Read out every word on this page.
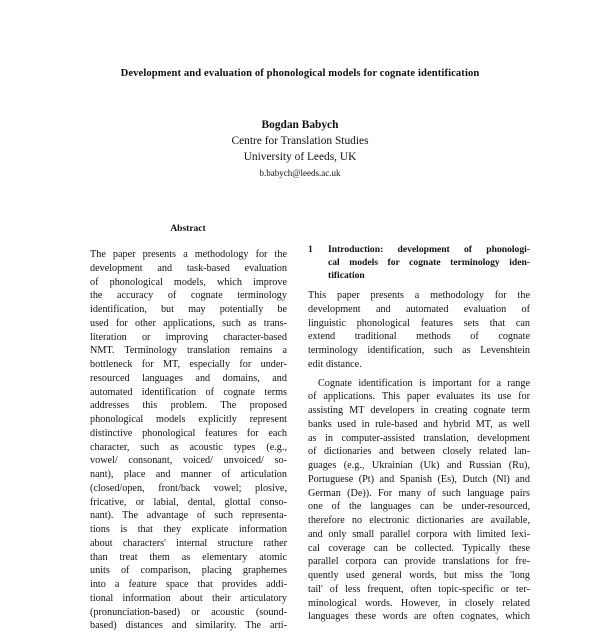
Development and evaluation of phonological models for cognate identification
Bogdan Babych
Centre for Translation Studies
University of Leeds, UK
b.babych@leeds.ac.uk
Abstract
The paper presents a methodology for the
development and task-based evaluation
of phonological models, which improve
the accuracy of cognate terminology
identification, but may potentially be
used for other applications, such as trans-
literation or improving character-based
NMT. Terminology translation remains a
bottleneck for MT, especially for under-
resourced languages and domains, and
automated identification of cognate terms
addresses this problem. The proposed
phonological models explicitly represent
distinctive phonological features for each
character, such as acoustic types (e.g.,
vowel/ consonant, voiced/ unvoiced/ so-
nant), place and manner of articulation
(closed/open, front/back vowel; plosive,
fricative, or labial, dental, glottal conso-
nant). The advantage of such representa-
tions is that they explicate information
about characters' internal structure rather
than treat them as elementary atomic
units of comparison, placing graphemes
into a feature space that provides addi-
tional information about their articulatory
(pronunciation-based) or acoustic (sound-
based) distances and similarity. The arti-
1 Introduction: development of phonologi-
cal models for cognate terminology iden-
tification
This paper presents a methodology for the
development and automated evaluation of
linguistic phonological features sets that can
extend traditional methods of cognate
terminology identification, such as Levenshtein
edit distance.
Cognate identification is important for a range
of applications. This paper evaluates its use for
assisting MT developers in creating cognate term
banks used in rule-based and hybrid MT, as well
as in computer-assisted translation, development
of dictionaries and between closely related lan-
guages (e.g., Ukrainian (Uk) and Russian (Ru),
Portuguese (Pt) and Spanish (Es), Dutch (Nl) and
German (De)). For many of such language pairs
one of the languages can be under-resourced,
therefore no electronic dictionaries are available,
and only small parallel corpora with limited lexi-
cal coverage can be collected. Typically these
parallel corpora can provide translations for fre-
quently used general words, but miss the 'long
tail' of less frequent, often topic-specific or ter-
minological words. However, in closely related
languages these words are often cognates, which
